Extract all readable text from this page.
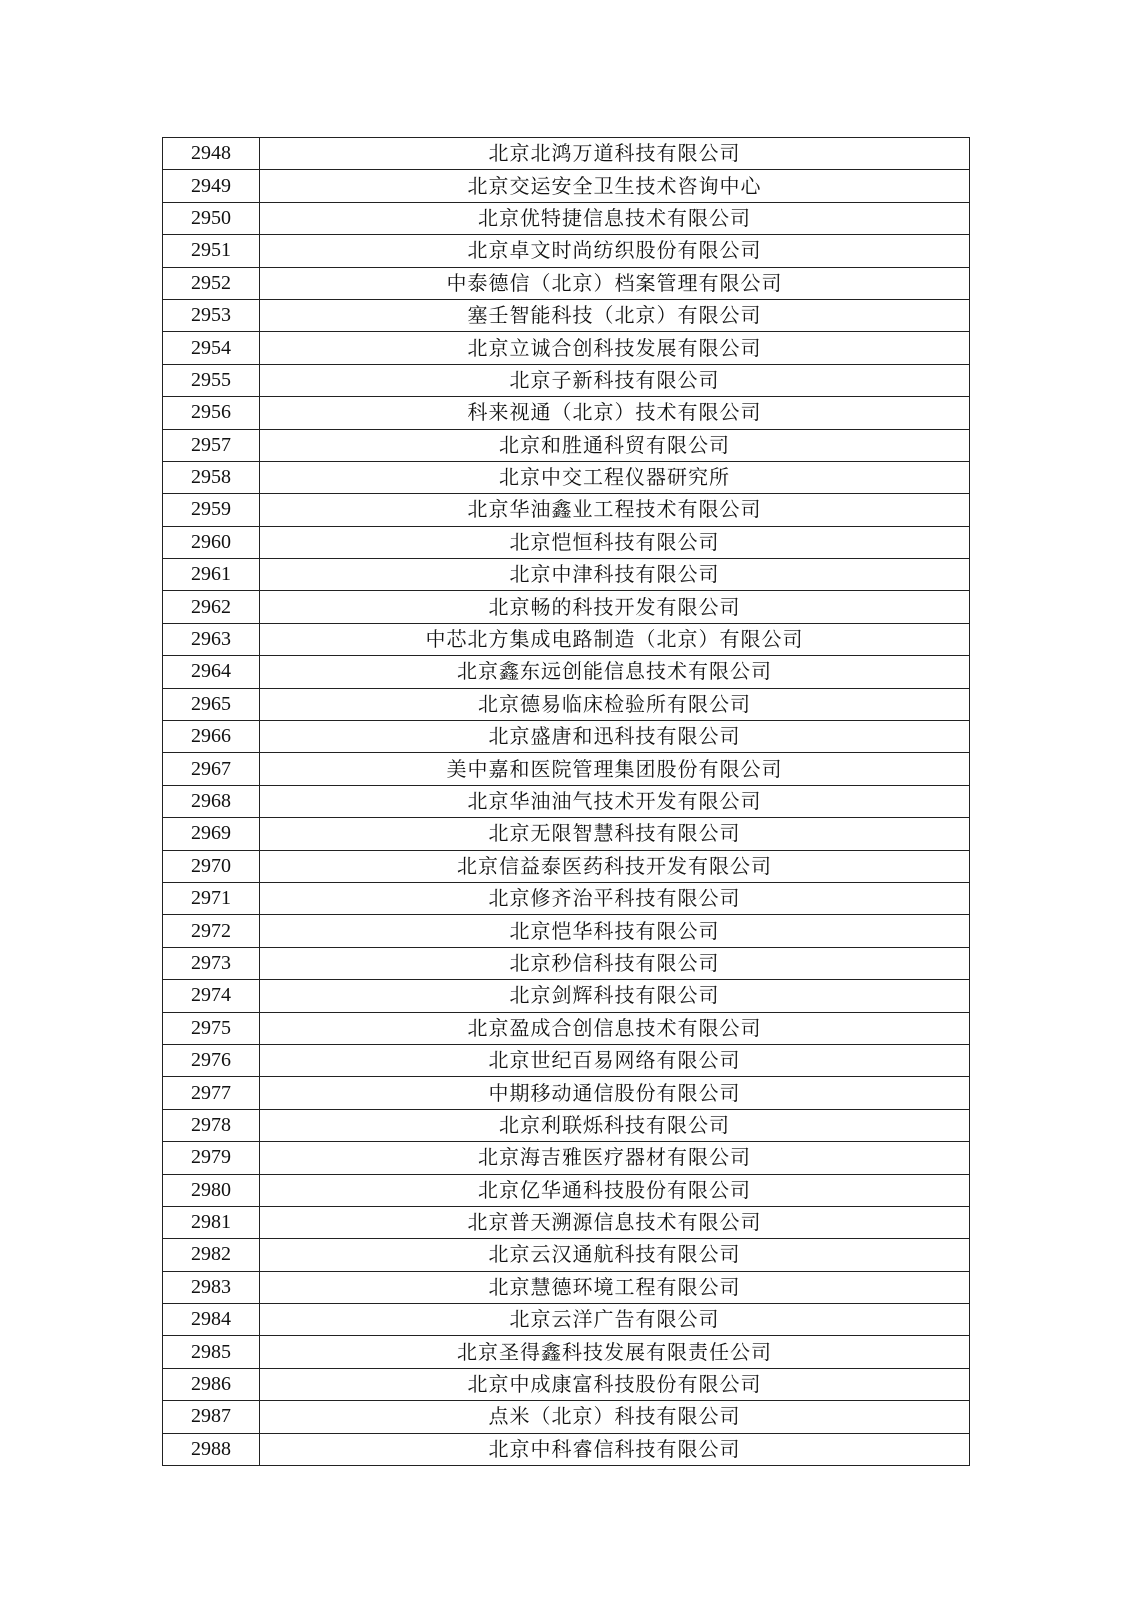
2948	北京北鸿万道科技有限公司
2949	北京交运安全卫生技术咨询中心
2950	北京优特捷信息技术有限公司
2951	北京卓文时尚纺织股份有限公司
2952	中泰德信（北京）档案管理有限公司
2953	塞壬智能科技（北京）有限公司
2954	北京立诚合创科技发展有限公司
2955	北京子新科技有限公司
2956	科来视通（北京）技术有限公司
2957	北京和胜通科贸有限公司
2958	北京中交工程仪器研究所
2959	北京华油鑫业工程技术有限公司
2960	北京恺恒科技有限公司
2961	北京中津科技有限公司
2962	北京畅的科技开发有限公司
2963	中芯北方集成电路制造（北京）有限公司
2964	北京鑫东远创能信息技术有限公司
2965	北京德易临床检验所有限公司
2966	北京盛唐和迅科技有限公司
2967	美中嘉和医院管理集团股份有限公司
2968	北京华油油气技术开发有限公司
2969	北京无限智慧科技有限公司
2970	北京信益泰医药科技开发有限公司
2971	北京修齐治平科技有限公司
2972	北京恺华科技有限公司
2973	北京秒信科技有限公司
2974	北京剑辉科技有限公司
2975	北京盈成合创信息技术有限公司
2976	北京世纪百易网络有限公司
2977	中期移动通信股份有限公司
2978	北京利联烁科技有限公司
2979	北京海吉雅医疗器材有限公司
2980	北京亿华通科技股份有限公司
2981	北京普天溯源信息技术有限公司
2982	北京云汉通航科技有限公司
2983	北京慧德环境工程有限公司
2984	北京云洋广告有限公司
2985	北京圣得鑫科技发展有限责任公司
2986	北京中成康富科技股份有限公司
2987	点米（北京）科技有限公司
2988	北京中科睿信科技有限公司
